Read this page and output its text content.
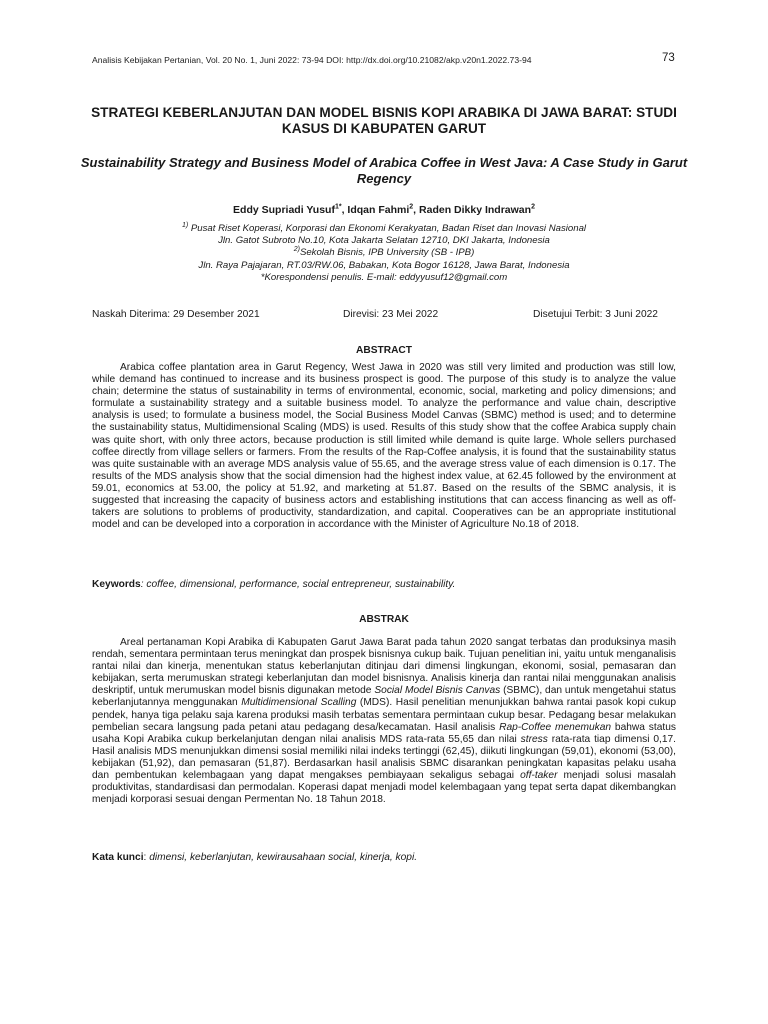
Analisis Kebijakan Pertanian, Vol. 20 No. 1, Juni 2022: 73-94 DOI: http://dx.doi.org/10.21082/akp.v20n1.2022.73-94	73
STRATEGI KEBERLANJUTAN DAN MODEL BISNIS KOPI ARABIKA DI JAWA BARAT: STUDI KASUS DI KABUPATEN GARUT
Sustainability Strategy and Business Model of Arabica Coffee in West Java: A Case Study in Garut Regency
Eddy Supriadi Yusuf$^{1*}$, Idqan Fahmi$^2$, Raden Dikky Indrawan$^2$
$^{1)}$ Pusat Riset Koperasi, Korporasi dan Ekonomi Kerakyatan, Badan Riset dan Inovasi Nasional
Jln. Gatot Subroto No.10, Kota Jakarta Selatan 12710, DKI Jakarta, Indonesia
$^{2)}$Sekolah Bisnis, IPB University (SB - IPB)
Jln. Raya Pajajaran, RT.03/RW.06, Babakan, Kota Bogor 16128, Jawa Barat, Indonesia
*Korespondensi penulis. E-mail: eddyyusuf12@gmail.com
Naskah Diterima: 29 Desember 2021	Direvisi: 23 Mei 2022	Disetujui Terbit: 3 Juni 2022
ABSTRACT
Arabica coffee plantation area in Garut Regency, West Jawa in 2020 was still very limited and production was still low, while demand has continued to increase and its business prospect is good. The purpose of this study is to analyze the value chain; determine the status of sustainability in terms of environmental, economic, social, marketing and policy dimensions; and formulate a sustainability strategy and a suitable business model. To analyze the performance and value chain, descriptive analysis is used; to formulate a business model, the Social Business Model Canvas (SBMC) method is used; and to determine the sustainability status, Multidimensional Scaling (MDS) is used. Results of this study show that the coffee Arabica supply chain was quite short, with only three actors, because production is still limited while demand is quite large. Whole sellers purchased coffee directly from village sellers or farmers. From the results of the Rap-Coffee analysis, it is found that the sustainability status was quite sustainable with an average MDS analysis value of 55.65, and the average stress value of each dimension is 0.17. The results of the MDS analysis show that the social dimension had the highest index value, at 62.45 followed by the environment at 59.01, economics at 53.00, the policy at 51.92, and marketing at 51.87. Based on the results of the SBMC analysis, it is suggested that increasing the capacity of business actors and establishing institutions that can access financing as well as off-takers are solutions to problems of productivity, standardization, and capital. Cooperatives can be an appropriate institutional model and can be developed into a corporation in accordance with the Minister of Agriculture No.18 of 2018.
Keywords: coffee, dimensional, performance, social entrepreneur, sustainability.
ABSTRAK
Areal pertanaman Kopi Arabika di Kabupaten Garut Jawa Barat pada tahun 2020 sangat terbatas dan produksinya masih rendah, sementara permintaan terus meningkat dan prospek bisnisnya cukup baik. Tujuan penelitian ini, yaitu untuk menganalisis rantai nilai dan kinerja, menentukan status keberlanjutan ditinjau dari dimensi lingkungan, ekonomi, sosial, pemasaran dan kebijakan, serta merumuskan strategi keberlanjutan dan model bisnisnya. Analisis kinerja dan rantai nilai menggunakan analisis deskriptif, untuk merumuskan model bisnis digunakan metode Social Model Bisnis Canvas (SBMC), dan untuk mengetahui status keberlanjutannya menggunakan Multidimensional Scalling (MDS). Hasil penelitian menunjukkan bahwa rantai pasok kopi cukup pendek, hanya tiga pelaku saja karena produksi masih terbatas sementara permintaan cukup besar. Pedagang besar melakukan pembelian secara langsung pada petani atau pedagang desa/kecamatan. Hasil analisis Rap-Coffee menemukan bahwa status usaha Kopi Arabika cukup berkelanjutan dengan nilai analisis MDS rata-rata 55,65 dan nilai stress rata-rata tiap dimensi 0,17. Hasil analisis MDS menunjukkan dimensi sosial memiliki nilai indeks tertinggi (62,45), diikuti lingkungan (59,01), ekonomi (53,00), kebijakan (51,92), dan pemasaran (51,87). Berdasarkan hasil analisis SBMC disarankan peningkatan kapasitas pelaku usaha dan pembentukan kelembagaan yang dapat mengakses pembiayaan sekaligus sebagai off-taker menjadi solusi masalah produktivitas, standardisasi dan permodalan. Koperasi dapat menjadi model kelembagaan yang tepat serta dapat dikembangkan menjadi korporasi sesuai dengan Permentan No. 18 Tahun 2018.
Kata kunci: dimensi, keberlanjutan, kewirausahaan social, kinerja, kopi.
